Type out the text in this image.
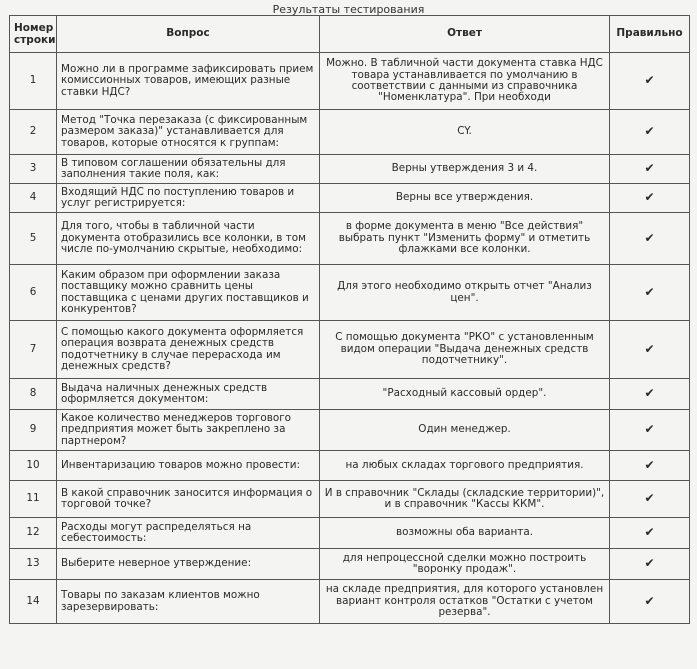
Результаты тестирования
Номер строки	Вопрос	Ответ	Правильно
1	Можно ли в программе зафиксировать прием комиссионных товаров, имеющих разные ставки НДС?	Можно. В табличной части документа ставка НДС товара устанавливается по умолчанию в соответствии с данными из справочника "Номенклатура". При необходи	✔
2	Метод "Точка перезаказа (с фиксированным размером заказа)" устанавливается для товаров, которые относятся к группам:	CY.	✔
3	В типовом соглашении обязательны для заполнения такие поля, как:	Верны утверждения 3 и 4.	✔
4	Входящий НДС по поступлению товаров и услуг регистрируется:	Верны все утверждения.	✔
5	Для того, чтобы в табличной части документа отобразились все колонки, в том числе по-умолчанию скрытые, необходимо:	в форме документа в меню "Все действия" выбрать пункт "Изменить форму" и отметить флажками все колонки.	✔
6	Каким образом при оформлении заказа поставщику можно сравнить цены поставщика с ценами других поставщиков и конкурентов?	Для этого необходимо открыть отчет "Анализ цен".	✔
7	С помощью какого документа оформляется операция возврата денежных средств подотчетнику в случае перерасхода им денежных средств?	С помощью документа "РКО" с установленным видом операции "Выдача денежных средств подотчетнику".	✔
8	Выдача наличных денежных средств оформляется документом:	"Расходный кассовый ордер".	✔
9	Какое количество менеджеров торгового предприятия может быть закреплено за партнером?	Один менеджер.	✔
10	Инвентаризацию товаров можно провести:	на любых складах торгового предприятия.	✔
11	В какой справочник заносится информация о торговой точке?	И в справочник "Склады (складские территории)", и в справочник "Кассы ККМ".	✔
12	Расходы могут распределяться на себестоимость:	возможны оба варианта.	✔
13	Выберите неверное утверждение:	для непроцессной сделки можно построить "воронку продаж".	✔
14	Товары по заказам клиентов можно зарезервировать:	на складе предприятия, для которого установлен вариант контроля остатков "Остатки с учетом резерва".	✔
